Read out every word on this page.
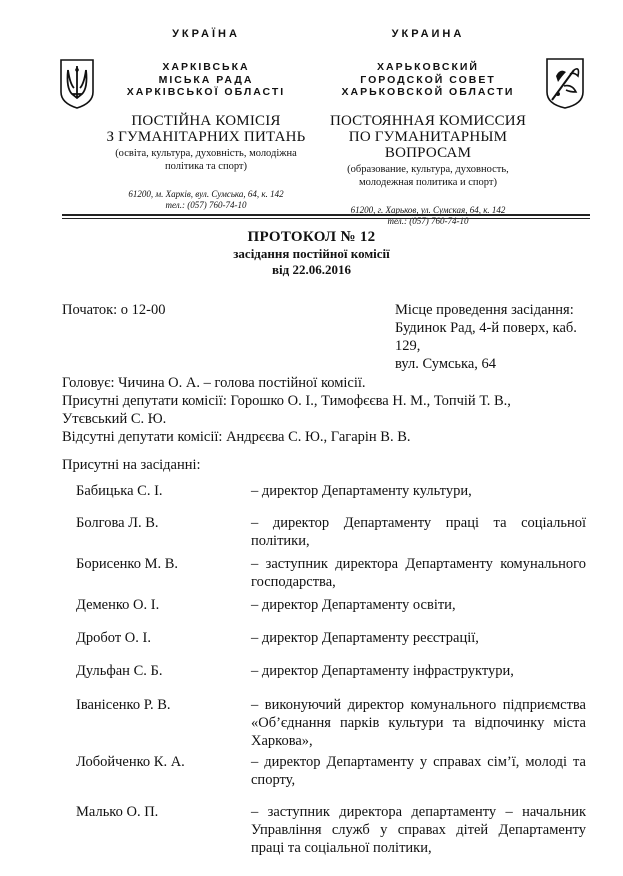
УКРАЇНА
ХАРКІВСЬКА
МІСЬКА РАДА
ХАРКІВСЬКОЇ ОБЛАСТІ
ПОСТІЙНА КОМІСІЯ
З ГУМАНІТАРНИХ ПИТАНЬ
(освіта, культура, духовність, молодіжна
політика та спорт)
61200, м. Харків, вул. Сумська, 64, к. 142
тел.: (057) 760-74-10
УКРАИНА
ХАРЬКОВСКИЙ
ГОРОДСКОЙ СОВЕТ
ХАРЬКОВСКОЙ ОБЛАСТИ
ПОСТОЯННАЯ КОМИССИЯ
ПО ГУМАНИТАРНЫМ ВОПРОСАМ
(образование, культура, духовность,
молодежная политика и спорт)
61200, г. Харьков, ул. Сумская, 64, к. 142
тел.: (057) 760-74-10
ПРОТОКОЛ № 12
засідання постійної комісії
від 22.06.2016
Початок: о 12-00	Місце проведення засідання:
Будинок Рад, 4-й поверх, каб. 129,
вул. Сумська, 64
Головує: Чичина О. А. – голова постійної комісії.
Присутні депутати комісії: Горошко О. І., Тимофєєва Н. М., Топчій Т. В.,
Утєвський С. Ю.
Відсутні депутати комісії: Андрєєва С. Ю., Гагарін В. В.
Присутні на засіданні:
Бабицька С. І.	– директор Департаменту культури,
Болгова Л. В.	– директор Департаменту праці та соціальної політики,
Борисенко М. В.	– заступник директора Департаменту комунального господарства,
Деменко О. І.	– директор Департаменту освіти,
Дробот О. І.	– директор Департаменту реєстрації,
Дульфан С. Б.	– директор Департаменту інфраструктури,
Іванісенко Р. В.	– виконуючий директор комунального підприємства «Об’єднання парків культури та відпочинку міста Харкова»,
Лобойченко К. А.	– директор Департаменту у справах сім’ї, молоді та спорту,
Малько О. П.	– заступник директора департаменту – начальник Управління служб у справах дітей Департаменту праці та соціальної політики,
